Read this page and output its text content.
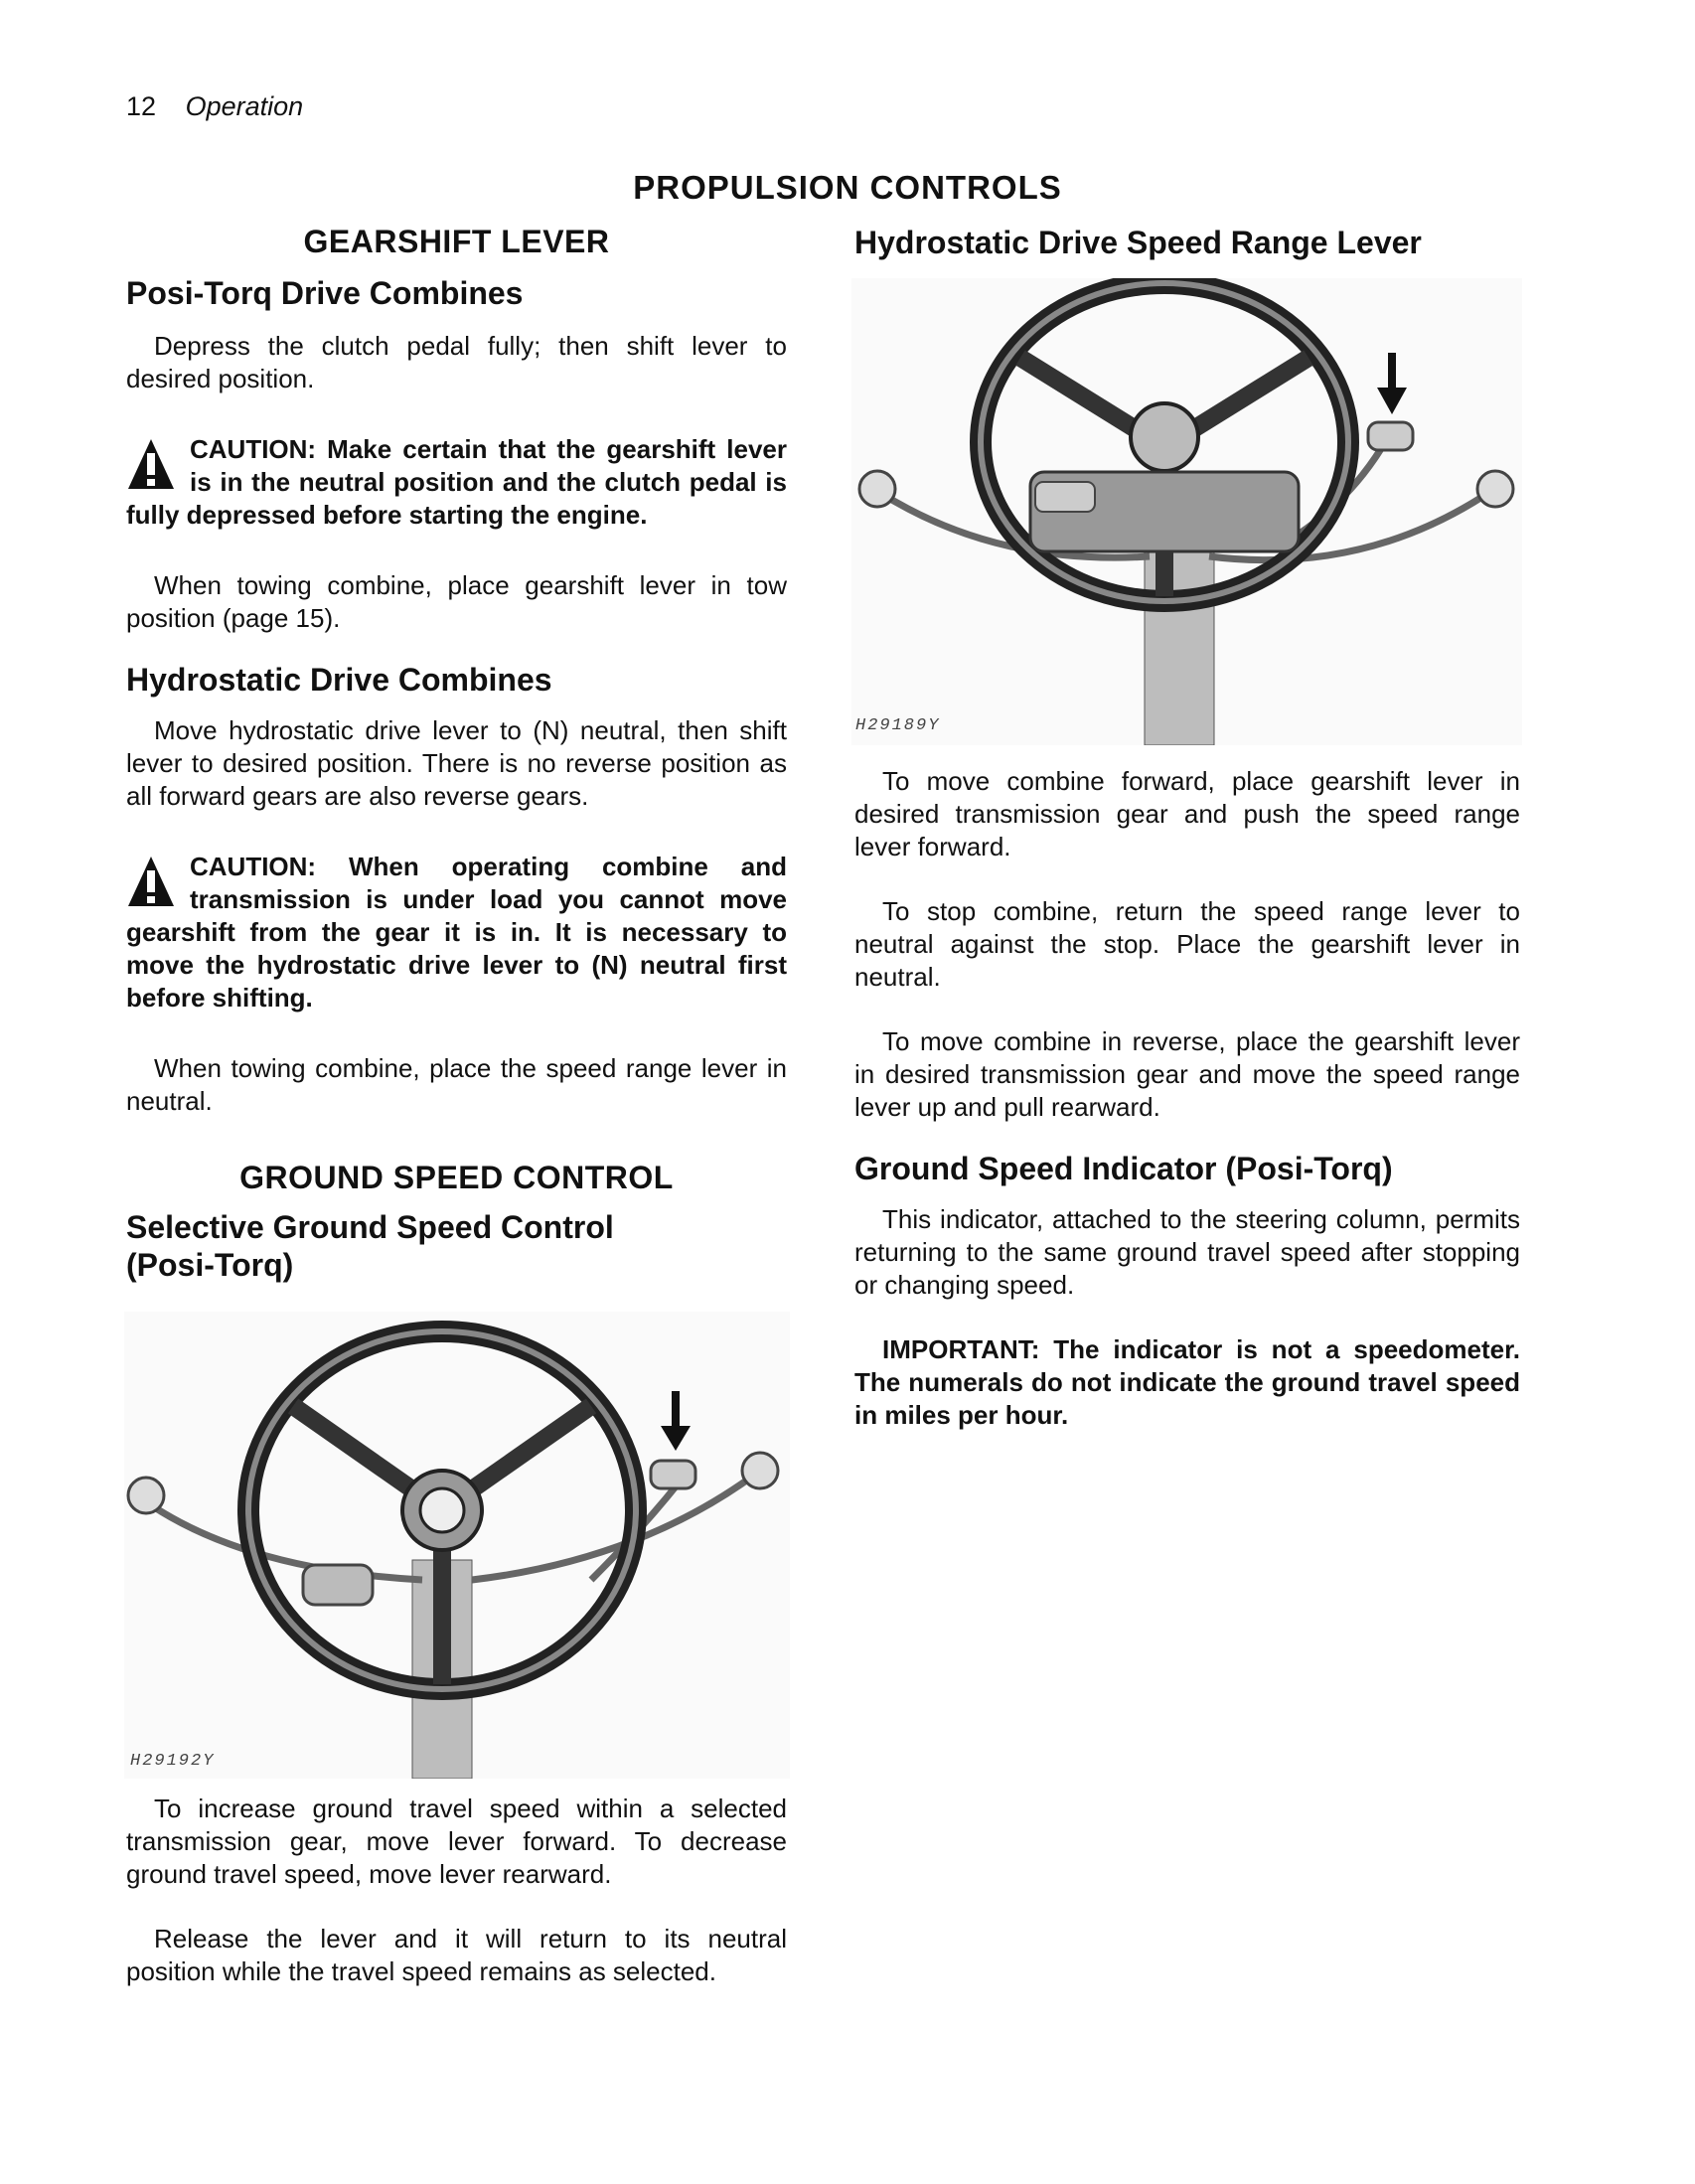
12 Operation
PROPULSION CONTROLS
GEARSHIFT LEVER
Posi-Torq Drive Combines

Depress the clutch pedal fully; then shift lever to desired position.

CAUTION: Make certain that the gearshift lever is in the neutral position and the clutch pedal is fully depressed before starting the engine.

When towing combine, place gearshift lever in tow position (page 15).

Hydrostatic Drive Combines

Move hydrostatic drive lever to (N) neutral, then shift lever to desired position. There is no reverse position as all forward gears are also reverse gears.

CAUTION: When operating combine and transmission is under load you cannot move gearshift from the gear it is in. It is necessary to move the hydrostatic drive lever to (N) neutral first before shifting.

When towing combine, place the speed range lever in neutral.

GROUND SPEED CONTROL
Selective Ground Speed Control (Posi-Torq)
H29192Y

To increase ground travel speed within a selected transmission gear, move lever forward. To decrease ground travel speed, move lever rearward.

Release the lever and it will return to its neutral position while the travel speed remains as selected.

Hydrostatic Drive Speed Range Lever
H29189Y

To move combine forward, place gearshift lever in desired transmission gear and push the speed range lever forward.

To stop combine, return the speed range lever to neutral against the stop. Place the gearshift lever in neutral.

To move combine in reverse, place the gearshift lever in desired transmission gear and move the speed range lever up and pull rearward.

Ground Speed Indicator (Posi-Torq)

This indicator, attached to the steering column, permits returning to the same ground travel speed after stopping or changing speed.

IMPORTANT: The indicator is not a speedometer. The numerals do not indicate the ground travel speed in miles per hour.
